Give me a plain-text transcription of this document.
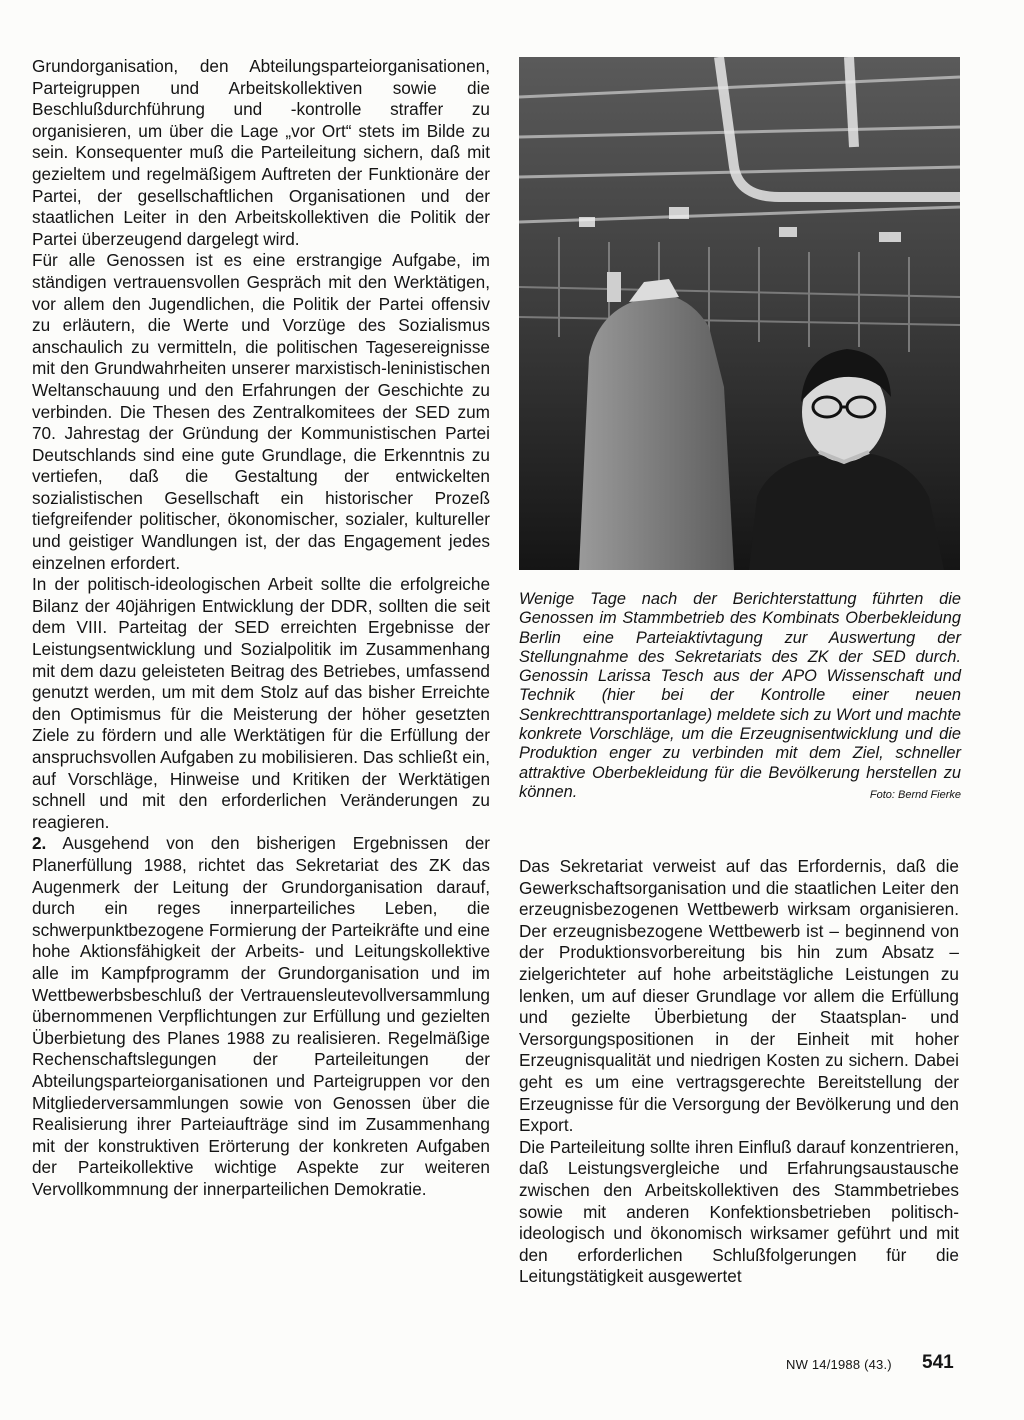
Grundorganisation, den Abteilungsparteiorganisationen, Parteigruppen und Arbeitskollektiven sowie die Beschlußdurchführung und -kontrolle straffer zu organisieren, um über die Lage „vor Ort“ stets im Bilde zu sein. Konsequenter muß die Parteileitung sichern, daß mit gezieltem und regelmäßigem Auftreten der Funktionäre der Partei, der gesellschaftlichen Organisationen und der staatlichen Leiter in den Arbeitskollektiven die Politik der Partei überzeugend dargelegt wird.

Für alle Genossen ist es eine erstrangige Aufgabe, im ständigen vertrauensvollen Gespräch mit den Werktätigen, vor allem den Jugendlichen, die Politik der Partei offensiv zu erläutern, die Werte und Vorzüge des Sozialismus anschaulich zu vermitteln, die politischen Tagesereignisse mit den Grundwahrheiten unserer marxistisch-leninistischen Weltanschauung und den Erfahrungen der Geschichte zu verbinden. Die Thesen des Zentralkomitees der SED zum 70. Jahrestag der Gründung der Kommunistischen Partei Deutschlands sind eine gute Grundlage, die Erkenntnis zu vertiefen, daß die Gestaltung der entwickelten sozialistischen Gesellschaft ein historischer Prozeß tiefgreifender politischer, ökonomischer, sozialer, kultureller und geistiger Wandlungen ist, der das Engagement jedes einzelnen erfordert.

In der politisch-ideologischen Arbeit sollte die erfolgreiche Bilanz der 40jährigen Entwicklung der DDR, sollten die seit dem VIII. Parteitag der SED erreichten Ergebnisse der Leistungsentwicklung und Sozialpolitik im Zusammenhang mit dem dazu geleisteten Beitrag des Betriebes, umfassend genutzt werden, um mit dem Stolz auf das bisher Erreichte den Optimismus für die Meisterung der höher gesetzten Ziele zu fördern und alle Werktätigen für die Erfüllung der anspruchsvollen Aufgaben zu mobilisieren. Das schließt ein, auf Vorschläge, Hinweise und Kritiken der Werktätigen schnell und mit den erforderlichen Veränderungen zu reagieren.

2. Ausgehend von den bisherigen Ergebnissen der Planerfüllung 1988, richtet das Sekretariat des ZK das Augenmerk der Leitung der Grundorganisation darauf, durch ein reges innerparteiliches Leben, die schwerpunktbezogene Formierung der Parteikräfte und eine hohe Aktionsfähigkeit der Arbeits- und Leitungskollektive alle im Kampfprogramm der Grundorganisation und im Wettbewerbsbeschluß der Vertrauensleutevollversammlung übernommenen Verpflichtungen zur Erfüllung und gezielten Überbietung des Planes 1988 zu realisieren. Regelmäßige Rechenschaftslegungen der Parteileitungen der Abteilungsparteiorganisationen und Parteigruppen vor den Mitgliederversammlungen sowie von Genossen über die Realisierung ihrer Parteiaufträge sind im Zusammenhang mit der konstruktiven Erörterung der konkreten Aufgaben der Parteikollektive wichtige Aspekte zur weiteren Vervollkommnung der innerparteilichen Demokratie.

Wenige Tage nach der Berichterstattung führten die Genossen im Stammbetrieb des Kombinats Oberbekleidung Berlin eine Parteiaktivtagung zur Auswertung der Stellungnahme des Sekretariats des ZK der SED durch. Genossin Larissa Tesch aus der APO Wissenschaft und Technik (hier bei der Kontrolle einer neuen Senkrechttransportanlage) meldete sich zu Wort und machte konkrete Vorschläge, um die Erzeugnisentwicklung und die Produktion enger zu verbinden mit dem Ziel, schneller attraktive Oberbekleidung für die Bevölkerung herstellen zu können.	Foto: Bernd Fierke

Das Sekretariat verweist auf das Erfordernis, daß die Gewerkschaftsorganisation und die staatlichen Leiter den erzeugnisbezogenen Wettbewerb wirksam organisieren. Der erzeugnisbezogene Wettbewerb ist – beginnend von der Produktionsvorbereitung bis hin zum Absatz – zielgerichteter auf hohe arbeitstägliche Leistungen zu lenken, um auf dieser Grundlage vor allem die Erfüllung und gezielte Überbietung der Staatsplan- und Versorgungspositionen in der Einheit mit hoher Erzeugnisqualität und niedrigen Kosten zu sichern. Dabei geht es um eine vertragsgerechte Bereitstellung der Erzeugnisse für die Versorgung der Bevölkerung und den Export.

Die Parteileitung sollte ihren Einfluß darauf konzentrieren, daß Leistungsvergleiche und Erfahrungsaustausche zwischen den Arbeitskollektiven des Stammbetriebes sowie mit anderen Konfektionsbetrieben politisch-ideologisch und ökonomisch wirksamer geführt und mit den erforderlichen Schlußfolgerungen für die Leitungstätigkeit ausgewertet

NW 14/1988 (43.) 541
